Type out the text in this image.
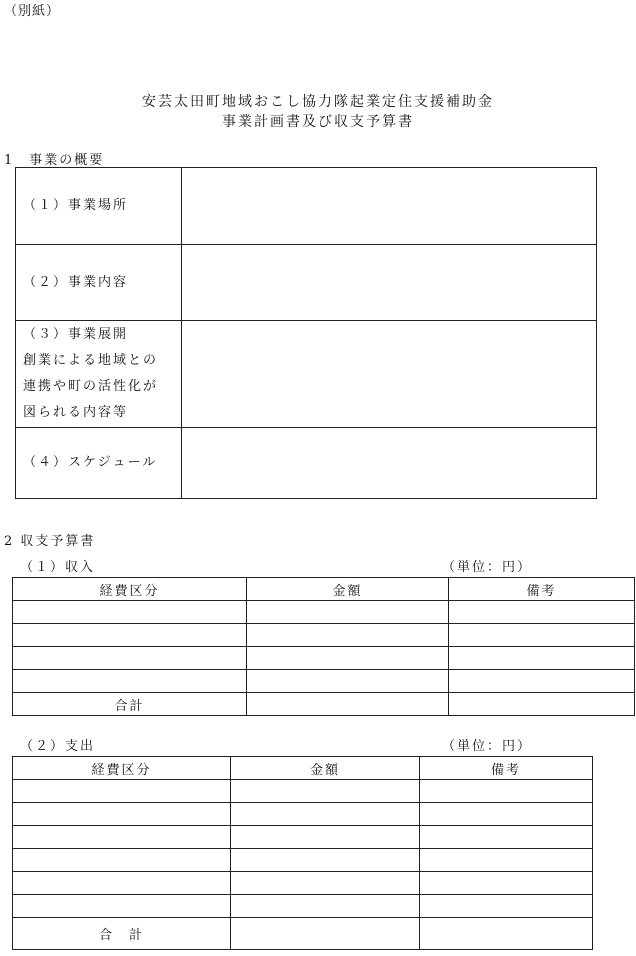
（別紙）
安芸太田町地域おこし協力隊起業定住支援補助金
事業計画書及び収支予算書
1　事業の概要
（１）事業場所	

（２）事業内容	

（３）事業展開
創業による地域との
連携や町の活性化が
図られる内容等	

（４）スケジュール	

2 収支予算書
（１）収入	（単位：円）
経費区分	金額	備考

合計		
（２）支出	（単位：円）
経費区分	金額	備考

合　計		
